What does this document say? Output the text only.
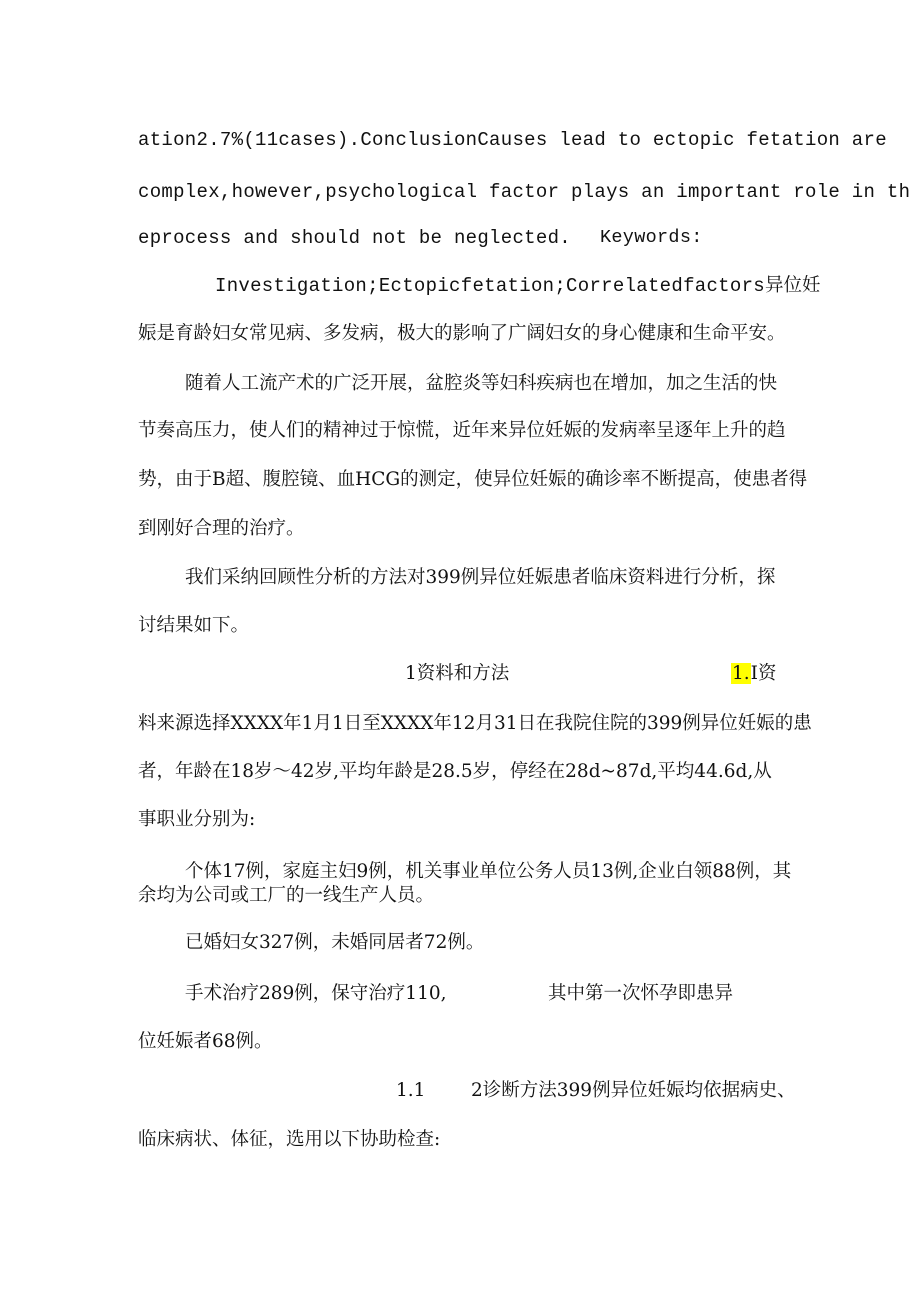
ation2.7%(11cases).ConclusionCauses lead to ectopic fetation are
complex,however,psychological factor plays an important role in th
eprocess and should not be neglected.	Keywords:
Investigation;Ectopicfetation;Correlatedfactors异位妊
娠是育龄妇女常见病、多发病，极大的影响了广阔妇女的身心健康和生命平安。
随着人工流产术的广泛开展，盆腔炎等妇科疾病也在增加，加之生活的快
节奏高压力，使人们的精神过于惊慌，近年来异位妊娠的发病率呈逐年上升的趋
势，由于B超、腹腔镜、血HCG的测定，使异位妊娠的确诊率不断提高，使患者得
到刚好合理的治疗。
我们采纳回顾性分析的方法对399例异位妊娠患者临床资料进行分析，探
讨结果如下。
1资料和方法	1.I资
料来源选择XXXX年1月1日至XXXX年12月31日在我院住院的399例异位妊娠的患
者，年龄在18岁～42岁,平均年龄是28.5岁，停经在28d~87d,平均44.6d,从
事职业分别为:
个体17例，家庭主妇9例，机关事业单位公务人员13例,企业白领88例，其
余均为公司或工厂的一线生产人员。
已婚妇女327例，未婚同居者72例。
手术治疗289例，保守治疗110,	其中第一次怀孕即患异
位妊娠者68例。
1.1 2诊断方法399例异位妊娠均依据病史、
临床病状、体征，选用以下协助检查:
